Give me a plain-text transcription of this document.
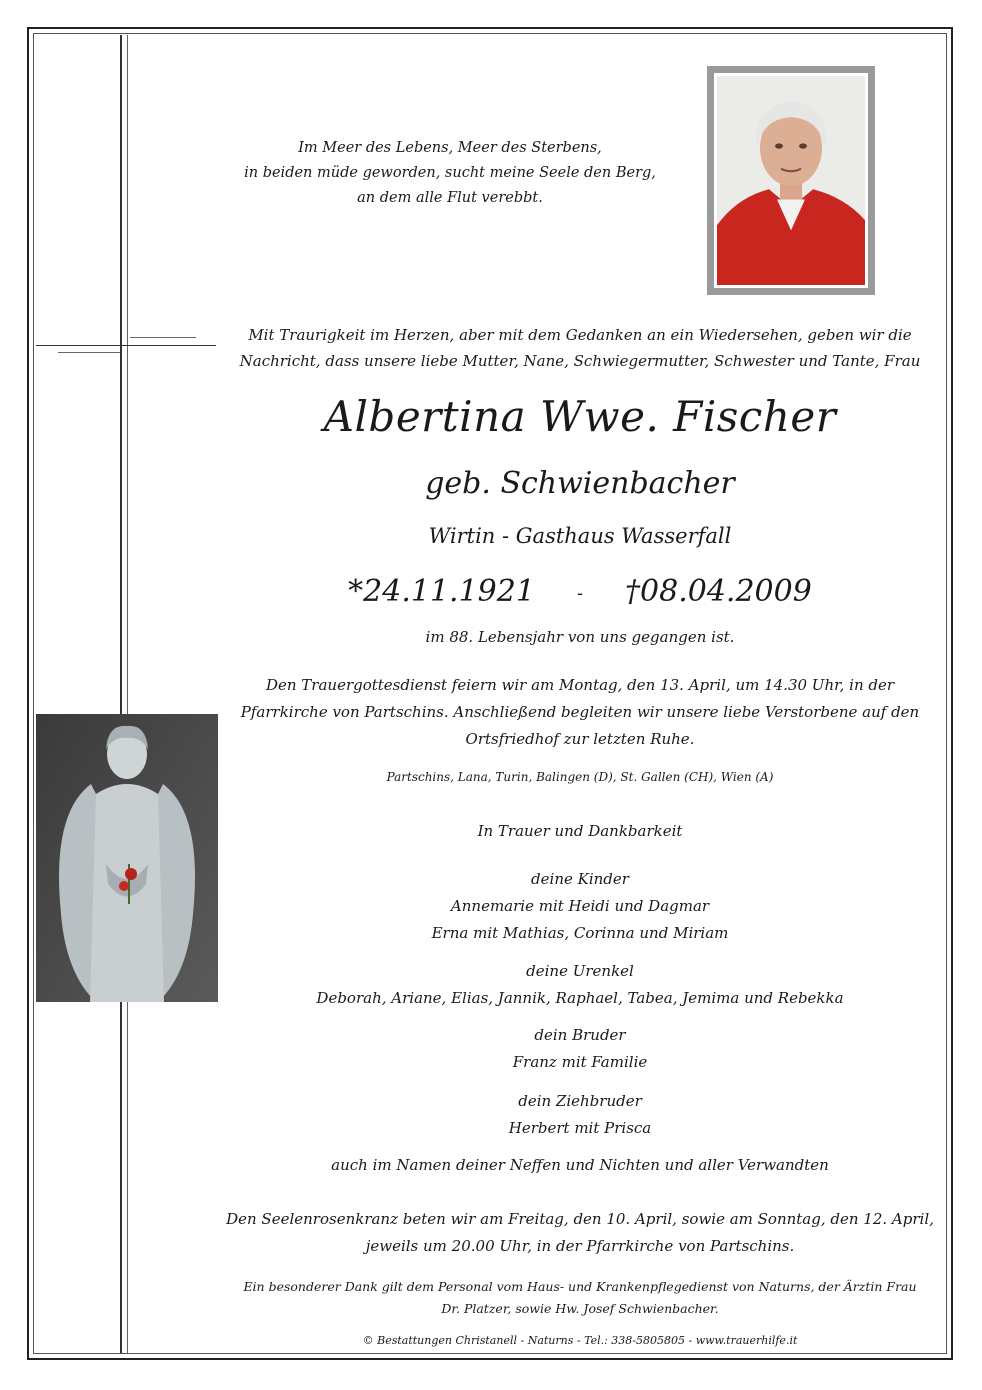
Im Meer des Lebens, Meer des Sterbens,
in beiden müde geworden, sucht meine Seele den Berg,
an dem alle Flut verebbt.
Mit Traurigkeit im Herzen, aber mit dem Gedanken an ein Wiedersehen, geben wir die
Nachricht, dass unsere liebe Mutter, Nane, Schwiegermutter, Schwester und Tante, Frau
Albertina Wwe. Fischer
geb. Schwienbacher
Wirtin - Gasthaus Wasserfall
*24.11.1921 - †08.04.2009
im 88. Lebensjahr von uns gegangen ist.
Den Trauergottesdienst feiern wir am Montag, den 13. April, um 14.30 Uhr, in der
Pfarrkirche von Partschins. Anschließend begleiten wir unsere liebe Verstorbene auf den
Ortsfriedhof zur letzten Ruhe.
Partschins, Lana, Turin, Balingen (D), St. Gallen (CH), Wien (A)
In Trauer und Dankbarkeit
deine Kinder
Annemarie mit Heidi und Dagmar
Erna mit Mathias, Corinna und Miriam
deine Urenkel
Deborah, Ariane, Elias, Jannik, Raphael, Tabea, Jemima und Rebekka
dein Bruder
Franz mit Familie
dein Ziehbruder
Herbert mit Prisca
auch im Namen deiner Neffen und Nichten und aller Verwandten
Den Seelenrosenkranz beten wir am Freitag, den 10. April, sowie am Sonntag, den 12. April,
jeweils um 20.00 Uhr, in der Pfarrkirche von Partschins.
Ein besonderer Dank gilt dem Personal vom Haus- und Krankenpflegedienst von Naturns, der Ärztin Frau
Dr. Platzer, sowie Hw. Josef Schwienbacher.
© Bestattungen Christanell - Naturns - Tel.: 338-5805805 - www.trauerhilfe.it
